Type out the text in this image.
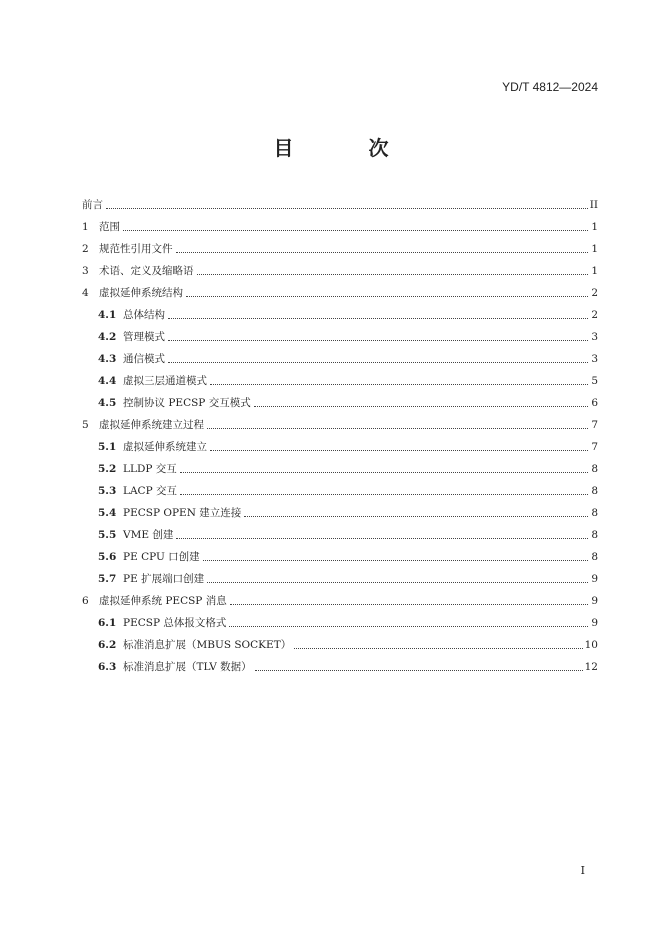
YD/T 4812—2024
目 次
前言	II
1 范围	1
2 规范性引用文件	1
3 术语、定义及缩略语	1
4 虚拟延伸系统结构	2
4.1 总体结构	2
4.2 管理模式	3
4.3 通信模式	3
4.4 虚拟三层通道模式	5
4.5 控制协议 PECSP 交互模式	6
5 虚拟延伸系统建立过程	7
5.1 虚拟延伸系统建立	7
5.2 LLDP 交互	8
5.3 LACP 交互	8
5.4 PECSP OPEN 建立连接	8
5.5 VME 创建	8
5.6 PE CPU 口创建	8
5.7 PE 扩展端口创建	9
6 虚拟延伸系统 PECSP 消息	9
6.1 PECSP 总体报文格式	9
6.2 标准消息扩展（MBUS SOCKET）	10
6.3 标准消息扩展（TLV 数据）	12
I
